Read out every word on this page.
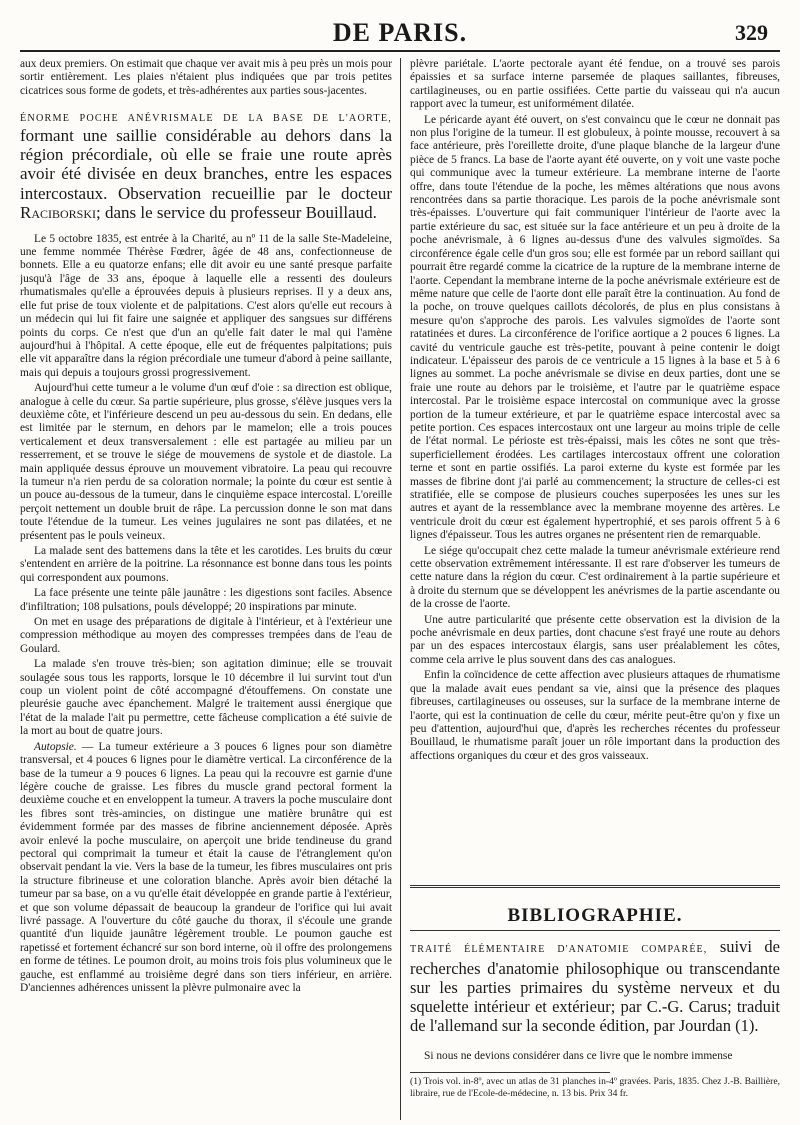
DE PARIS.	329

aux deux premiers. On estimait que chaque ver avait mis à peu près un mois pour sortir entièrement. Les plaies n'étaient plus indiquées que par trois petites cicatrices sous forme de godets, et très-adhérentes aux parties sous-jacentes.

ÉNORME POCHE ANÉVRISMALE DE LA BASE DE L'AORTE, formant une saillie considérable au dehors dans la région précordiale, où elle se fraie une route après avoir été divisée en deux branches, entre les espaces intercostaux. Observation recueillie par le docteur Raciborski; dans le service du professeur Bouillaud.

Le 5 octobre 1835, est entrée à la Charité, au nº 11 de la salle Ste-Madeleine, une femme nommée Thérèse Fœdrer, âgée de 48 ans, confectionneuse de bonnets. Elle a eu quatorze enfans; elle dit avoir eu une santé presque parfaite jusqu'à l'âge de 33 ans, époque à laquelle elle a ressenti des douleurs rhumatismales qu'elle a éprouvées depuis à plusieurs reprises. Il y a deux ans, elle fut prise de toux violente et de palpitations. C'est alors qu'elle eut recours à un médecin qui lui fit faire une saignée et appliquer des sangsues sur différens points du corps. Ce n'est que d'un an qu'elle fait dater le mal qui l'amène aujourd'hui à l'hôpital. A cette époque, elle eut de fréquentes palpitations; puis elle vit apparaître dans la région précordiale une tumeur d'abord à peine saillante, mais qui depuis a toujours grossi progressivement.

Aujourd'hui cette tumeur a le volume d'un œuf d'oie : sa direction est oblique, analogue à celle du cœur. Sa partie supérieure, plus grosse, s'élève jusques vers la deuxième côte, et l'inférieure descend un peu au-dessous du sein. En dedans, elle est limitée par le sternum, en dehors par le mamelon; elle a trois pouces verticalement et deux transversalement : elle est partagée au milieu par un resserrement, et se trouve le siége de mouvemens de systole et de diastole. La main appliquée dessus éprouve un mouvement vibratoire. La peau qui recouvre la tumeur n'a rien perdu de sa coloration normale; la pointe du cœur est sentie à un pouce au-dessous de la tumeur, dans le cinquième espace intercostal. L'oreille perçoit nettement un double bruit de râpe. La percussion donne le son mat dans toute l'étendue de la tumeur. Les veines jugulaires ne sont pas dilatées, et ne présentent pas le pouls veineux.

La malade sent des battemens dans la tête et les carotides. Les bruits du cœur s'entendent en arrière de la poitrine. La résonnance est bonne dans tous les points qui correspondent aux poumons.

La face présente une teinte pâle jaunâtre : les digestions sont faciles. Absence d'infiltration; 108 pulsations, pouls développé; 20 inspirations par minute.

On met en usage des préparations de digitale à l'intérieur, et à l'extérieur une compression méthodique au moyen des compresses trempées dans de l'eau de Goulard.

La malade s'en trouve très-bien; son agitation diminue; elle se trouvait soulagée sous tous les rapports, lorsque le 10 décembre il lui survint tout d'un coup un violent point de côté accompagné d'étouffemens. On constate une pleurésie gauche avec épanchement. Malgré le traitement aussi énergique que l'état de la malade l'ait pu permettre, cette fâcheuse complication a été suivie de la mort au bout de quatre jours.

Autopsie. — La tumeur extérieure a 3 pouces 6 lignes pour son diamètre transversal, et 4 pouces 6 lignes pour le diamètre vertical. La circonférence de la base de la tumeur a 9 pouces 6 lignes. La peau qui la recouvre est garnie d'une légère couche de graisse. Les fibres du muscle grand pectoral forment la deuxième couche et en enveloppent la tumeur. A travers la poche musculaire dont les fibres sont très-amincies, on distingue une matière brunâtre qui est évidemment formée par des masses de fibrine anciennement déposée. Après avoir enlevé la poche musculaire, on aperçoit une bride tendineuse du grand pectoral qui comprimait la tumeur et était la cause de l'étranglement qu'on observait pendant la vie. Vers la base de la tumeur, les fibres musculaires ont pris la structure fibrineuse et une coloration blanche. Après avoir bien détaché la tumeur par sa base, on a vu qu'elle était développée en grande partie à l'extérieur, et que son volume dépassait de beaucoup la grandeur de l'orifice qui lui avait livré passage. A l'ouverture du côté gauche du thorax, il s'écoule une grande quantité d'un liquide jaunâtre légèrement trouble. Le poumon gauche est rapetissé et fortement échancré sur son bord interne, où il offre des prolongemens en forme de tétines. Le poumon droit, au moins trois fois plus volumineux que le gauche, est enflammé au troisième degré dans son tiers inférieur, en arrière. D'anciennes adhérences unissent la plèvre pulmonaire avec la

plèvre pariétale. L'aorte pectorale ayant été fendue, on a trouvé ses parois épaissies et sa surface interne parsemée de plaques saillantes, fibreuses, cartilagineuses, ou en partie ossifiées. Cette partie du vaisseau qui n'a aucun rapport avec la tumeur, est uniformément dilatée.

Le péricarde ayant été ouvert, on s'est convaincu que le cœur ne donnait pas non plus l'origine de la tumeur. Il est globuleux, à pointe mousse, recouvert à sa face antérieure, près l'oreillette droite, d'une plaque blanche de la largeur d'une pièce de 5 francs. La base de l'aorte ayant été ouverte, on y voit une vaste poche qui communique avec la tumeur extérieure. La membrane interne de l'aorte offre, dans toute l'étendue de la poche, les mêmes altérations que nous avons rencontrées dans sa partie thoracique. Les parois de la poche anévrismale sont très-épaisses. L'ouverture qui fait communiquer l'intérieur de l'aorte avec la partie extérieure du sac, est située sur la face antérieure et un peu à droite de la poche anévrismale, à 6 lignes au-dessus d'une des valvules sigmoïdes. Sa circonférence égale celle d'un gros sou; elle est formée par un rebord saillant qui pourrait être regardé comme la cicatrice de la rupture de la membrane interne de l'aorte. Cependant la membrane interne de la poche anévrismale extérieure est de même nature que celle de l'aorte dont elle paraît être la continuation. Au fond de la poche, on trouve quelques caillots décolorés, de plus en plus consistans à mesure qu'on s'approche des parois. Les valvules sigmoïdes de l'aorte sont ratatinées et dures. La circonférence de l'orifice aortique a 2 pouces 6 lignes. La cavité du ventricule gauche est très-petite, pouvant à peine contenir le doigt indicateur. L'épaisseur des parois de ce ventricule a 15 lignes à la base et 5 à 6 lignes au sommet. La poche anévrismale se divise en deux parties, dont une se fraie une route au dehors par le troisième, et l'autre par le quatrième espace intercostal. Par le troisième espace intercostal on communique avec la grosse portion de la tumeur extérieure, et par le quatrième espace intercostal avec sa petite portion. Ces espaces intercostaux ont une largeur au moins triple de celle de l'état normal. Le périoste est très-épaissi, mais les côtes ne sont que très-superficiellement érodées. Les cartilages intercostaux offrent une coloration terne et sont en partie ossifiés. La paroi externe du kyste est formée par les masses de fibrine dont j'ai parlé au commencement; la structure de celles-ci est stratifiée, elle se compose de plusieurs couches superposées les unes sur les autres et ayant de la ressemblance avec la membrane moyenne des artères. Le ventricule droit du cœur est également hypertrophié, et ses parois offrent 5 à 6 lignes d'épaisseur. Tous les autres organes ne présentent rien de remarquable.

Le siége qu'occupait chez cette malade la tumeur anévrismale extérieure rend cette observation extrêmement intéressante. Il est rare d'observer les tumeurs de cette nature dans la région du cœur. C'est ordinairement à la partie supérieure et à droite du sternum que se développent les anévrismes de la partie ascendante ou de la crosse de l'aorte.

Une autre particularité que présente cette observation est la division de la poche anévrismale en deux parties, dont chacune s'est frayé une route au dehors par un des espaces intercostaux élargis, sans user préalablement les côtes, comme cela arrive le plus souvent dans des cas analogues.

Enfin la coïncidence de cette affection avec plusieurs attaques de rhumatisme que la malade avait eues pendant sa vie, ainsi que la présence des plaques fibreuses, cartilagineuses ou osseuses, sur la surface de la membrane interne de l'aorte, qui est la continuation de celle du cœur, mérite peut-être qu'on y fixe un peu d'attention, aujourd'hui que, d'après les recherches récentes du professeur Bouillaud, le rhumatisme paraît jouer un rôle important dans la production des affections organiques du cœur et des gros vaisseaux.

BIBLIOGRAPHIE.
TRAITÉ ÉLÉMENTAIRE D'ANATOMIE COMPARÉE, suivi de recherches d'anatomie philosophique ou transcendante sur les parties primaires du système nerveux et du squelette intérieur et extérieur; par C.-G. Carus; traduit de l'allemand sur la seconde édition, par Jourdan (1).
Si nous ne devions considérer dans ce livre que le nombre immense
(1) Trois vol. in-8º, avec un atlas de 31 planches in-4º gravées. Paris, 1835. Chez J.-B. Baillière, libraire, rue de l'Ecole-de-médecine, n. 13 bis. Prix 34 fr.
